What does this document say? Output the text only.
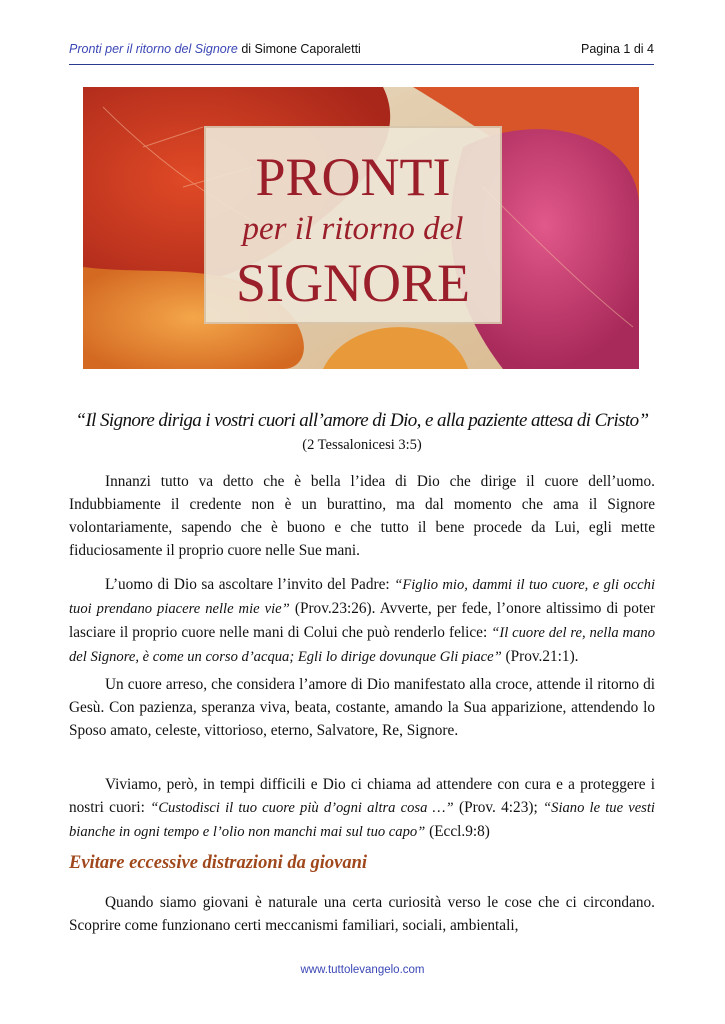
Pronti per il ritorno del Signore di Simone Caporaletti	Pagina 1 di 4
PRONTI
per il ritorno del
SIGNORE
“Il Signore diriga i vostri cuori all’amore di Dio, e alla paziente attesa di Cristo”
(2 Tessalonicesi 3:5)

Innanzi tutto va detto che è bella l’idea di Dio che dirige il cuore dell’uomo. Indubbiamente il credente non è un burattino, ma dal momento che ama il Signore volontariamente, sapendo che è buono e che tutto il bene procede da Lui, egli mette fiduciosamente il proprio cuore nelle Sue mani.

L’uomo di Dio sa ascoltare l’invito del Padre: “Figlio mio, dammi il tuo cuore, e gli occhi tuoi prendano piacere nelle mie vie” (Prov.23:26). Avverte, per fede, l’onore altissimo di poter lasciare il proprio cuore nelle mani di Colui che può renderlo felice: “Il cuore del re, nella mano del Signore, è come un corso d’acqua; Egli lo dirige dovunque Gli piace” (Prov.21:1).

Un cuore arreso, che considera l’amore di Dio manifestato alla croce, attende il ritorno di Gesù. Con pazienza, speranza viva, beata, costante, amando la Sua apparizione, attendendo lo Sposo amato, celeste, vittorioso, eterno, Salvatore, Re, Signore.

Viviamo, però, in tempi difficili e Dio ci chiama ad attendere con cura e a proteggere i nostri cuori: “Custodisci il tuo cuore più d’ogni altra cosa …” (Prov. 4:23); “Siano le tue vesti bianche in ogni tempo e l’olio non manchi mai sul tuo capo” (Eccl.9:8)

Evitare eccessive distrazioni da giovani

Quando siamo giovani è naturale una certa curiosità verso le cose che ci circondano. Scoprire come funzionano certi meccanismi familiari, sociali, ambientali,

www.tuttolevangelo.com
